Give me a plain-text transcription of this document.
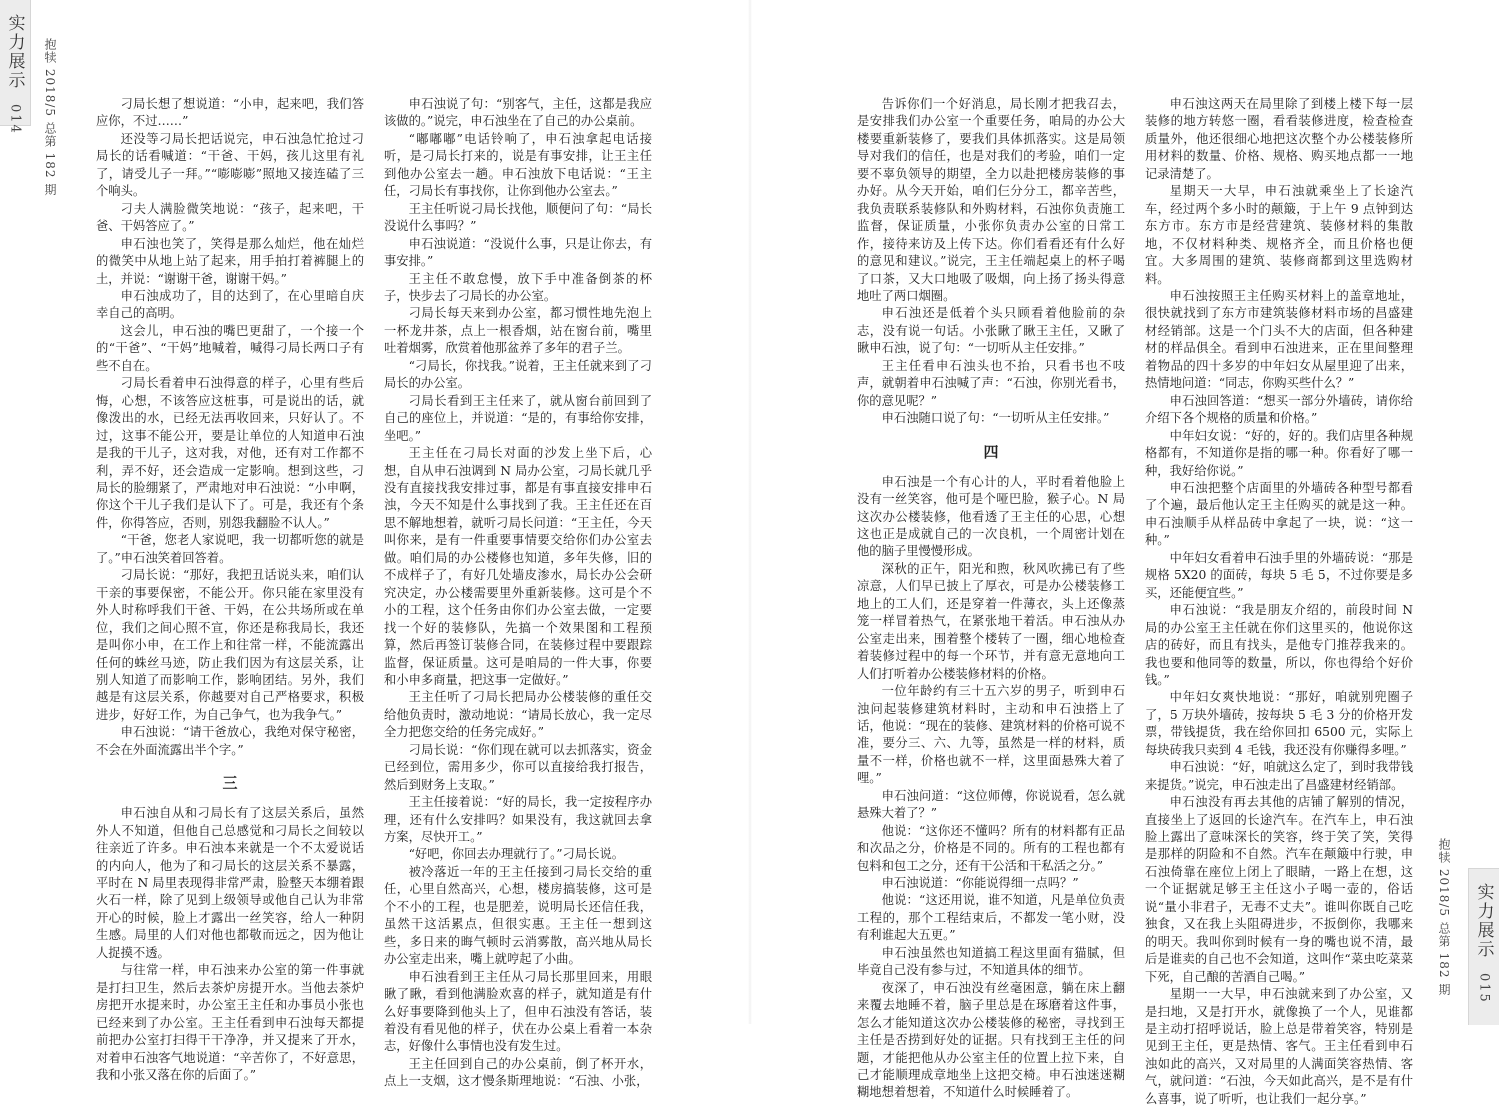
实力展示
014 抱犊 2018/5 总第 182 期
抱犊 2018/5 总第 182 期 实力展示
015

刁局长想了想说道：“小申，起来吧，我们答应你，不过……”

还没等刁局长把话说完，申石浊急忙抢过刁局长的话看喊道：“干爸、干妈，孩儿这里有礼了，请受儿子一拜。”“嘭嘭嘭”照地又接连磕了三个响头。

刁夫人满脸微笑地说：“孩子，起来吧，干爸、干妈答应了。”

申石浊也笑了，笑得是那么灿烂，他在灿烂的微笑中从地上站了起来，用手拍打着裤腿上的土，并说：“谢谢干爸，谢谢干妈。”

申石浊成功了，目的达到了，在心里暗自庆幸自己的高明。

这会儿，申石浊的嘴巴更甜了，一个接一个的“干爸”、“干妈”地喊着，喊得刁局长两口子有些不自在。

刁局长看着申石浊得意的样子，心里有些后悔，心想，不该答应这桩事，可是说出的话，就像泼出的水，已经无法再收回来，只好认了。不过，这事不能公开，要是让单位的人知道申石浊是我的干儿子，这对我，对他，还有对工作都不利，弄不好，还会造成一定影响。想到这些，刁局长的脸绷紧了，严肃地对申石浊说：“小申啊，你这个干儿子我们是认下了。可是，我还有个条件，你得答应，否则，别怨我翻脸不认人。”

“干爸，您老人家说吧，我一切都听您的就是了。”申石浊笑着回答着。

刁局长说：“那好，我把丑话说头来，咱们认干亲的事要保密，不能公开。你只能在家里没有外人时称呼我们干爸、干妈，在公共场所或在单位，我们之间心照不宣，你还是称我局长，我还是叫你小申，在工作上和往常一样，不能流露出任何的蛛丝马迹，防止我们因为有这层关系，让别人知道了而影响工作，影响团结。另外，我们越是有这层关系，你越要对自己严格要求，积极进步，好好工作，为自己争气，也为我争气。”

申石浊说：“请干爸放心，我绝对保守秘密，不会在外面流露出半个字。”

三

申石浊自从和刁局长有了这层关系后，虽然外人不知道，但他自己总感觉和刁局长之间较以往亲近了许多。申石浊本来就是一个不太爱说话的内向人，他为了和刁局长的这层关系不暴露，平时在 N 局里表现得非常严肃，脸整天本绷着跟火石一样，除了见到上级领导或他自己认为非常开心的时候，脸上才露出一丝笑容，给人一种阴生感。局里的人们对他也都敬而远之，因为他让人捉摸不透。

与往常一样，申石浊来办公室的第一件事就是打扫卫生，然后去茶炉房提开水。当他去茶炉房把开水提来时，办公室王主任和办事员小张也已经来到了办公室。王主任看到申石浊每天都提前把办公室打扫得干干净净，并又提来了开水，对着申石浊客气地说道：“辛苦你了，不好意思，我和小张又落在你的后面了。”

申石浊说了句：“别客气，主任，这都是我应该做的。”说完，申石浊坐在了自己的办公桌前。

“嘟嘟嘟”电话铃响了，申石浊拿起电话接听，是刁局长打来的，说是有事安排，让王主任到他办公室去一趟。申石浊放下电话说：“王主任，刁局长有事找你，让你到他办公室去。”

王主任听说刁局长找他，顺便问了句：“局长没说什么事吗？”

申石浊说道：“没说什么事，只是让你去，有事安排。”

王主任不敢怠慢，放下手中准备倒茶的杯子，快步去了刁局长的办公室。

刁局长每天来到办公室，都习惯性地先泡上一杯龙井茶，点上一根香烟，站在窗台前，嘴里吐着烟雾，欣赏着他那盆养了多年的君子兰。

“刁局长，你找我。”说着，王主任就来到了刁局长的办公室。

刁局长看到王主任来了，就从窗台前回到了自己的座位上，并说道：“是的，有事给你安排，坐吧。”

王主任在刁局长对面的沙发上坐下后，心想，自从申石浊调到 N 局办公室，刁局长就几乎没有直接找我安排过事，都是有事直接安排申石浊，今天不知是什么事找到了我。王主任还在百思不解地想着，就听刁局长问道：“王主任，今天叫你来，是有一件重要事情要交给你们办公室去做。咱们局的办公楼修也知道，多年失修，旧的不成样子了，有好几处墙皮渗水，局长办公会研究决定，办公楼需要里外重新装修。这可是个不小的工程，这个任务由你们办公室去做，一定要找一个好的装修队，先搞一个效果图和工程预算，然后再签订装修合同，在装修过程中要跟踪监督，保证质量。这可是咱局的一件大事，你要和小申多商量，把这事一定做好。”

王主任听了刁局长把局办公楼装修的重任交给他负责时，激动地说：“请局长放心，我一定尽全力把您交给的任务完成好。”

刁局长说：“你们现在就可以去抓落实，资金已经到位，需用多少，你可以直接给我打报告，然后到财务上支取。”

王主任接着说：“好的局长，我一定按程序办理，还有什么安排吗？如果没有，我这就回去拿方案，尽快开工。”

“好吧，你回去办理就行了。”刁局长说。

被冷落近一年的王主任接到刁局长交给的重任，心里自然高兴，心想，楼房搞装修，这可是个不小的工程，也是肥差，说明局长还信任我，虽然干这活累点，但很实惠。王主任一想到这些，多日来的晦气顿时云消雾散，高兴地从局长办公室走出来，嘴上就哼起了小曲。

申石浊看到王主任从刁局长那里回来，用眼瞅了瞅，看到他满脸欢喜的样子，就知道是有什么好事要降到他头上了，但申石浊没有答话，装着没有看见他的样子，伏在办公桌上看着一本杂志，好像什么事情也没有发生过。

王主任回到自己的办公桌前，倒了杯开水，点上一支烟，这才慢条斯理地说：“石浊、小张，

告诉你们一个好消息，局长刚才把我召去，是安排我们办公室一个重要任务，咱局的办公大楼要重新装修了，要我们具体抓落实。这是局领导对我们的信任，也是对我们的考验，咱们一定要不辜负领导的期望，全力以赴把楼房装修的事办好。从今天开始，咱们仨分分工，都辛苦些，我负责联系装修队和外购材料，石浊你负责施工监督，保证质量，小张你负责办公室的日常工作，接待来访及上传下达。你们看看还有什么好的意见和建议。”说完，王主任端起桌上的杯子喝了口茶，又大口地吸了吸烟，向上扬了扬头得意地吐了两口烟圈。

申石浊还是低着个头只顾看着他脸前的杂志，没有说一句话。小张瞅了瞅王主任，又瞅了瞅申石浊，说了句：“一切听从主任安排。”

王主任看申石浊头也不抬，只看书也不吱声，就朝着申石浊喊了声：“石浊，你别光看书，你的意见呢？”

申石浊随口说了句：“一切听从主任安排。”

四

申石浊是一个有心计的人，平时看着他脸上没有一丝笑容，他可是个哑巴脸，猴子心。N 局这次办公楼装修，他看透了王主任的心思，心想这也正是成就自己的一次良机，一个周密计划在他的脑子里慢慢形成。

深秋的正午，阳光和煦，秋风吹拂已有了些凉意，人们早已披上了厚衣，可是办公楼装修工地上的工人们，还是穿着一件薄衣，头上还像蒸笼一样冒着热气，在紧张地干着活。申石浊从办公室走出来，围着整个楼转了一圈，细心地检查着装修过程中的每一个环节，并有意无意地向工人们打听着办公楼装修材料的价格。

一位年龄约有三十五六岁的男子，听到申石浊问起装修建筑材料时，主动和申石浊搭上了话，他说：“现在的装修、建筑材料的价格可说不准，要分三、六、九等，虽然是一样的材料，质量不一样，价格也就不一样，这里面悬殊大着了哩。”

申石浊问道：“这位师傅，你说说看，怎么就悬殊大着了？”

他说：“这你还不懂吗？所有的材料都有正品和次品之分，价格是不同的。所有的工程也都有包料和包工之分，还有干公活和干私活之分。”

申石浊说道：“你能说得细一点吗？”

他说：“这还用说，谁不知道，凡是单位负责工程的，那个工程结束后，不都发一笔小财，没有利谁起大五更。”

申石浊虽然也知道搞工程这里面有猫腻，但毕竟自己没有参与过，不知道具体的细节。

夜深了，申石浊没有丝毫困意，躺在床上翻来覆去地睡不着，脑子里总是在琢磨着这件事，怎么才能知道这次办公楼装修的秘密，寻找到王主任是否捞到好处的证据。只有找到王主任的问题，才能把他从办公室主任的位置上拉下来，自己才能顺理成章地坐上这把交椅。申石浊迷迷糊糊地想着想着，不知道什么时候睡着了。

申石浊这两天在局里除了到楼上楼下每一层装修的地方转悠一圈，看看装修进度，检查检查质量外，他还很细心地把这次整个办公楼装修所用材料的数量、价格、规格、购买地点都一一地记录清楚了。

星期天一大早，申石浊就乘坐上了长途汽车，经过两个多小时的颠簸，于上午 9 点钟到达东方市。东方市是经营建筑、装修材料的集散地，不仅材料种类、规格齐全，而且价格也便宜。大多周围的建筑、装修商都到这里选购材料。

申石浊按照王主任购买材料上的盖章地址，很快就找到了东方市建筑装修材料市场的昌盛建材经销部。这是一个门头不大的店面，但各种建材的样品俱全。看到申石浊进来，正在里间整理着物品的四十多岁的中年妇女从屋里迎了出来，热情地问道：“同志，你购买些什么？”

申石浊回答道：“想买一部分外墙砖，请你给介绍下各个规格的质量和价格。”

中年妇女说：“好的，好的。我们店里各种规格都有，不知道你是指的哪一种。你看好了哪一种，我好给你说。”

申石浊把整个店面里的外墙砖各种型号都看了个遍，最后他认定王主任购买的就是这一种。申石浊顺手从样品砖中拿起了一块，说：“这一种。”

中年妇女看着申石浊手里的外墙砖说：“那是规格 5X20 的面砖，每块 5 毛 5，不过你要是多买，还能便宜些。”

申石浊说：“我是朋友介绍的，前段时间 N 局的办公室王主任就在你们这里买的，他说你这店的砖好，而且有找头，是他专门推荐我来的。我也要和他同等的数量，所以，你也得给个好价钱。”

中年妇女爽快地说：“那好，咱就别兜圈子了，5 万块外墙砖，按每块 5 毛 3 分的价格开发票，带钱提货，我在给你回扣 6500 元，实际上每块砖我只卖到 4 毛钱，我还没有你赚得多哩。”

申石浊说：“好，咱就这么定了，到时我带钱来提货。”说完，申石浊走出了昌盛建材经销部。

申石浊没有再去其他的店铺了解别的情况，直接坐上了返回的长途汽车。在汽车上，申石浊脸上露出了意味深长的笑容，终于笑了笑，笑得是那样的阴险和不自然。汽车在颠簸中行驶，申石浊倚靠在座位上闭上了眼睛，一路上在想，这一个证据就足够王主任这小子喝一壶的，俗话说“量小非君子，无毒不丈夫”。谁叫你既自己吃独食，又在我上头阻碍进步，不扳倒你，我哪来的明天。我叫你到时候有一身的嘴也说不清，最后是谁卖的自己也不会知道，这叫作“菜虫吃菜菜下死，自己酿的苦酒自己喝。”

星期一一大早，申石浊就来到了办公室，又是扫地，又是打开水，就像换了一个人，见谁都是主动打招呼说话，脸上总是带着笑容，特别是见到王主任，更是热情、客气。王主任看到申石浊如此的高兴，又对局里的人满面笑容热情、客气，就问道：“石浊，今天如此高兴，是不是有什么喜事，说了听听，也让我们一起分享。”
